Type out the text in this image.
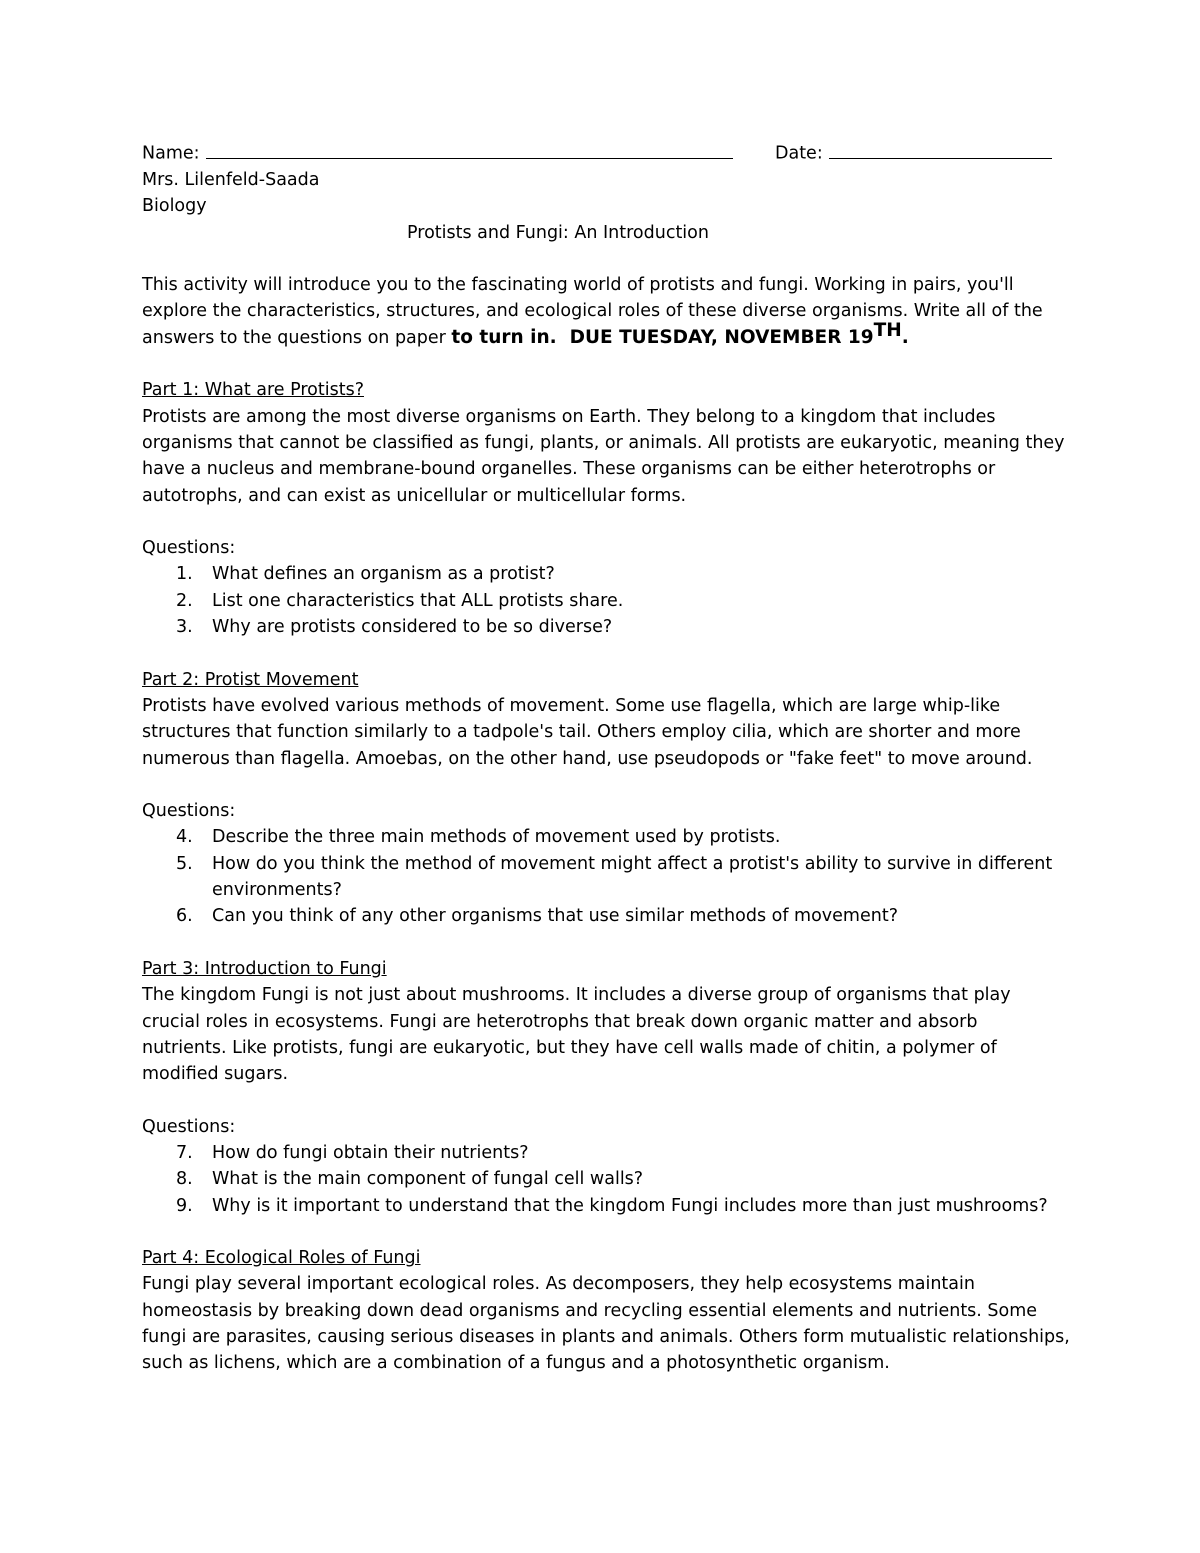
Name:	Date:
Mrs. Lilenfeld-Saada
Biology
Protists and Fungi: An Introduction
This activity will introduce you to the fascinating world of protists and fungi. Working in pairs, you'll
explore the characteristics, structures, and ecological roles of these diverse organisms. Write all of the
answers to the questions on paper to turn in. DUE TUESDAY, NOVEMBER 19TH.
Part 1: What are Protists?
Protists are among the most diverse organisms on Earth. They belong to a kingdom that includes
organisms that cannot be classified as fungi, plants, or animals. All protists are eukaryotic, meaning they
have a nucleus and membrane-bound organelles. These organisms can be either heterotrophs or
autotrophs, and can exist as unicellular or multicellular forms.
Questions:
1. What defines an organism as a protist?
2. List one characteristics that ALL protists share.
3. Why are protists considered to be so diverse?
Part 2: Protist Movement
Protists have evolved various methods of movement. Some use flagella, which are large whip-like
structures that function similarly to a tadpole's tail. Others employ cilia, which are shorter and more
numerous than flagella. Amoebas, on the other hand, use pseudopods or "fake feet" to move around.
Questions:
4. Describe the three main methods of movement used by protists.
5. How do you think the method of movement might affect a protist's ability to survive in different
environments?
6. Can you think of any other organisms that use similar methods of movement?
Part 3: Introduction to Fungi
The kingdom Fungi is not just about mushrooms. It includes a diverse group of organisms that play
crucial roles in ecosystems. Fungi are heterotrophs that break down organic matter and absorb
nutrients. Like protists, fungi are eukaryotic, but they have cell walls made of chitin, a polymer of
modified sugars.
Questions:
7. How do fungi obtain their nutrients?
8. What is the main component of fungal cell walls?
9. Why is it important to understand that the kingdom Fungi includes more than just mushrooms?
Part 4: Ecological Roles of Fungi
Fungi play several important ecological roles. As decomposers, they help ecosystems maintain
homeostasis by breaking down dead organisms and recycling essential elements and nutrients. Some
fungi are parasites, causing serious diseases in plants and animals. Others form mutualistic relationships,
such as lichens, which are a combination of a fungus and a photosynthetic organism.
